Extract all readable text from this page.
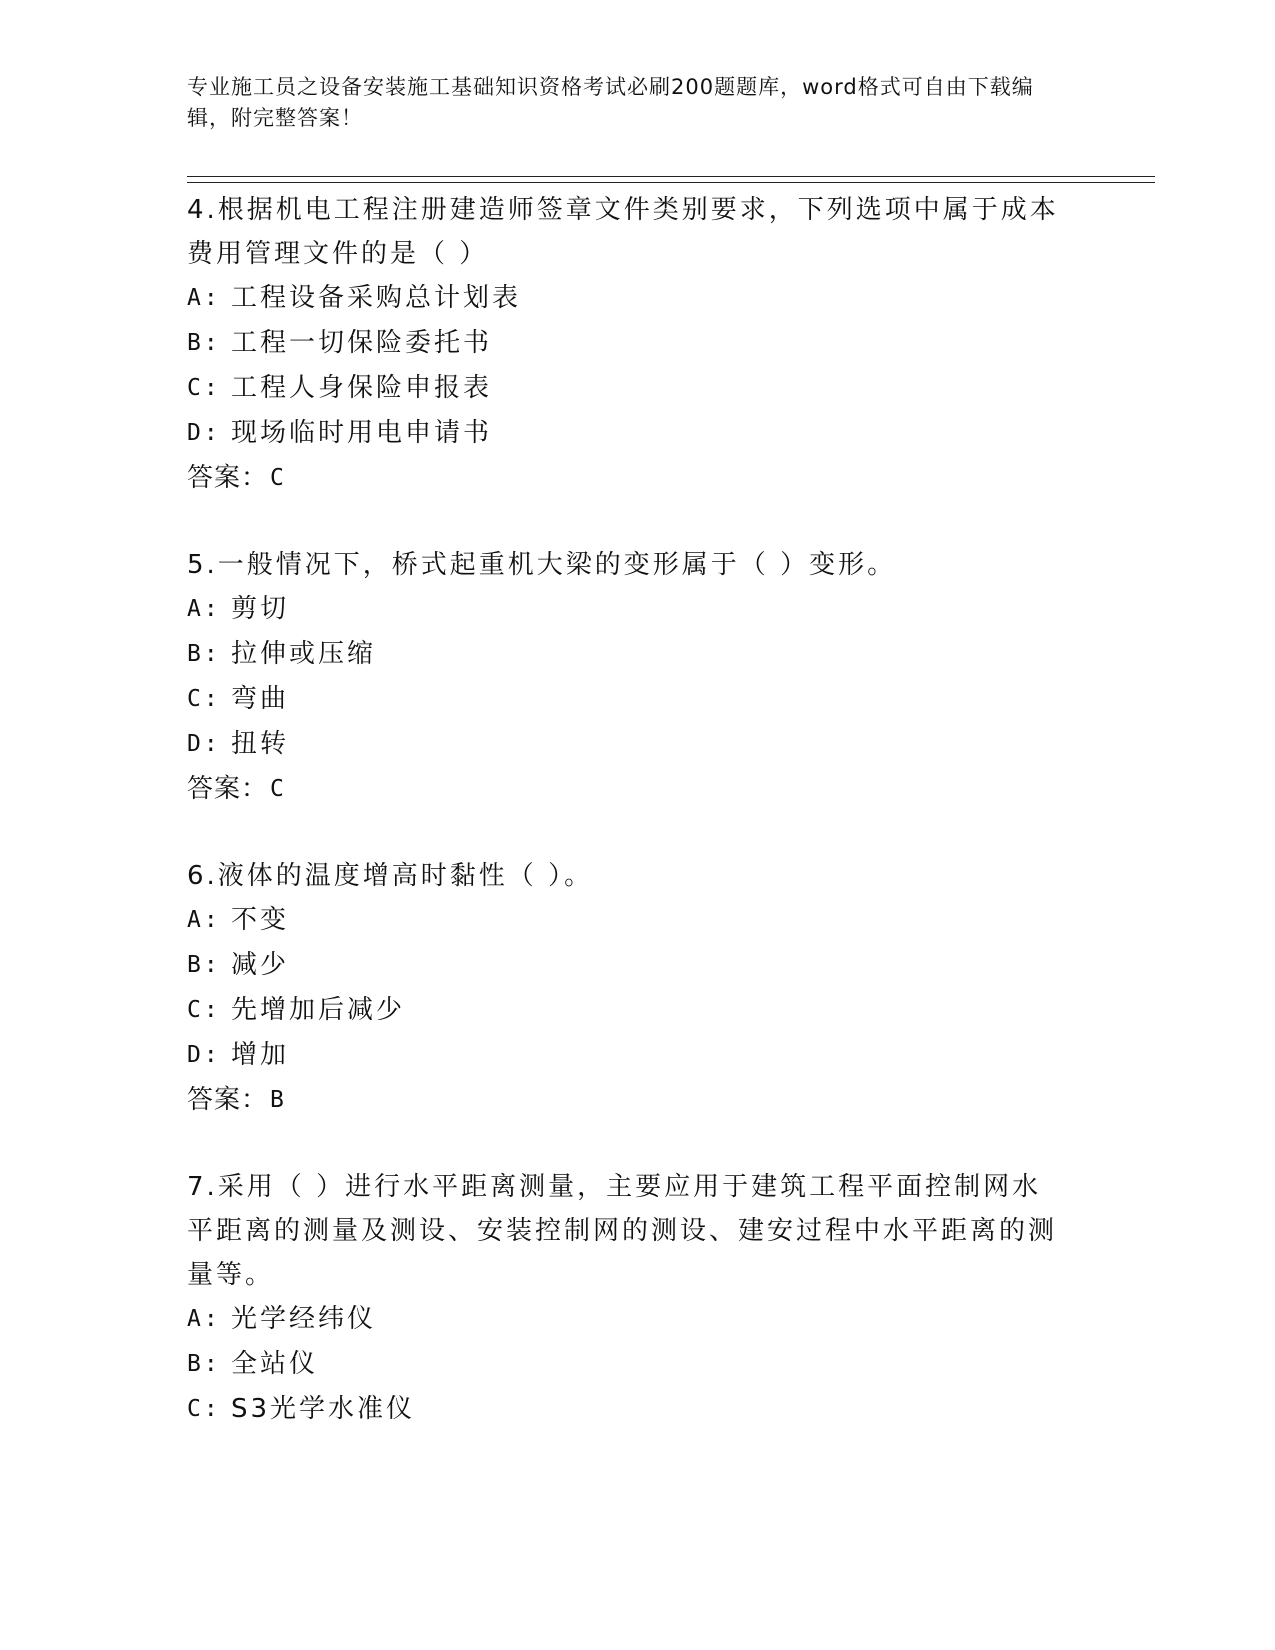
专业施工员之设备安装施工基础知识资格考试必刷200题题库，word格式可自由下载编辑，附完整答案！

4.根据机电工程注册建造师签章文件类别要求，下列选项中属于成本费用管理文件的是（ ）

A: 工程设备采购总计划表
B: 工程一切保险委托书
C: 工程人身保险申报表
D: 现场临时用电申请书
答案： C

5.一般情况下，桥式起重机大梁的变形属于（ ）变形。

A: 剪切
B: 拉伸或压缩
C: 弯曲
D: 扭转
答案： C

6.液体的温度增高时黏性（ ）。

A: 不变
B: 减少
C: 先增加后减少
D: 增加
答案： B

7.采用（ ）进行水平距离测量，主要应用于建筑工程平面控制网水平距离的测量及测设、安装控制网的测设、建安过程中水平距离的测量等。

A: 光学经纬仪
B: 全站仪
C: S3光学水准仪
